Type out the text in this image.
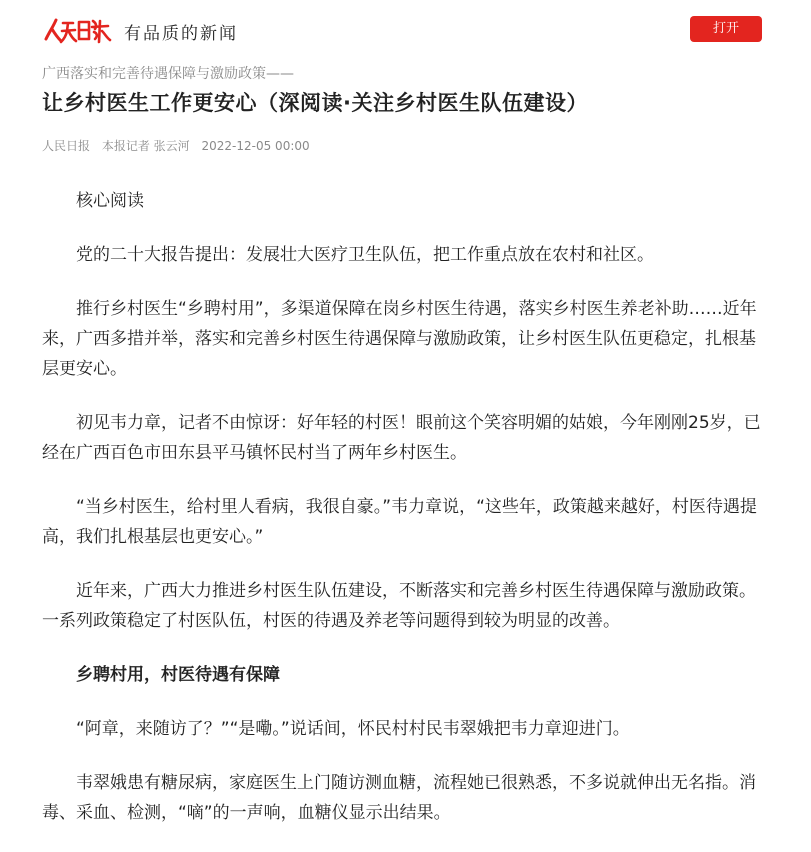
有品质的新闻	打开
广西落实和完善待遇保障与激励政策——
让乡村医生工作更安心（深阅读·关注乡村医生队伍建设）
人民日报 本报记者 张云河 2022-12-05 00:00

核心阅读

党的二十大报告提出：发展壮大医疗卫生队伍，把工作重点放在农村和社区。

推行乡村医生“乡聘村用”，多渠道保障在岗乡村医生待遇，落实乡村医生养老补助……近年来，广西多措并举，落实和完善乡村医生待遇保障与激励政策，让乡村医生队伍更稳定，扎根基层更安心。

初见韦力章，记者不由惊讶：好年轻的村医！眼前这个笑容明媚的姑娘，今年刚刚25岁，已经在广西百色市田东县平马镇怀民村当了两年乡村医生。

“当乡村医生，给村里人看病，我很自豪。”韦力章说，“这些年，政策越来越好，村医待遇提高，我们扎根基层也更安心。”

近年来，广西大力推进乡村医生队伍建设，不断落实和完善乡村医生待遇保障与激励政策。一系列政策稳定了村医队伍，村医的待遇及养老等问题得到较为明显的改善。

乡聘村用，村医待遇有保障

“阿章，来随访了？”“是嘞。”说话间，怀民村村民韦翠娥把韦力章迎进门。

韦翠娥患有糖尿病，家庭医生上门随访测血糖，流程她已很熟悉，不多说就伸出无名指。消毒、采血、检测，“嘀”的一声响，血糖仪显示出结果。
